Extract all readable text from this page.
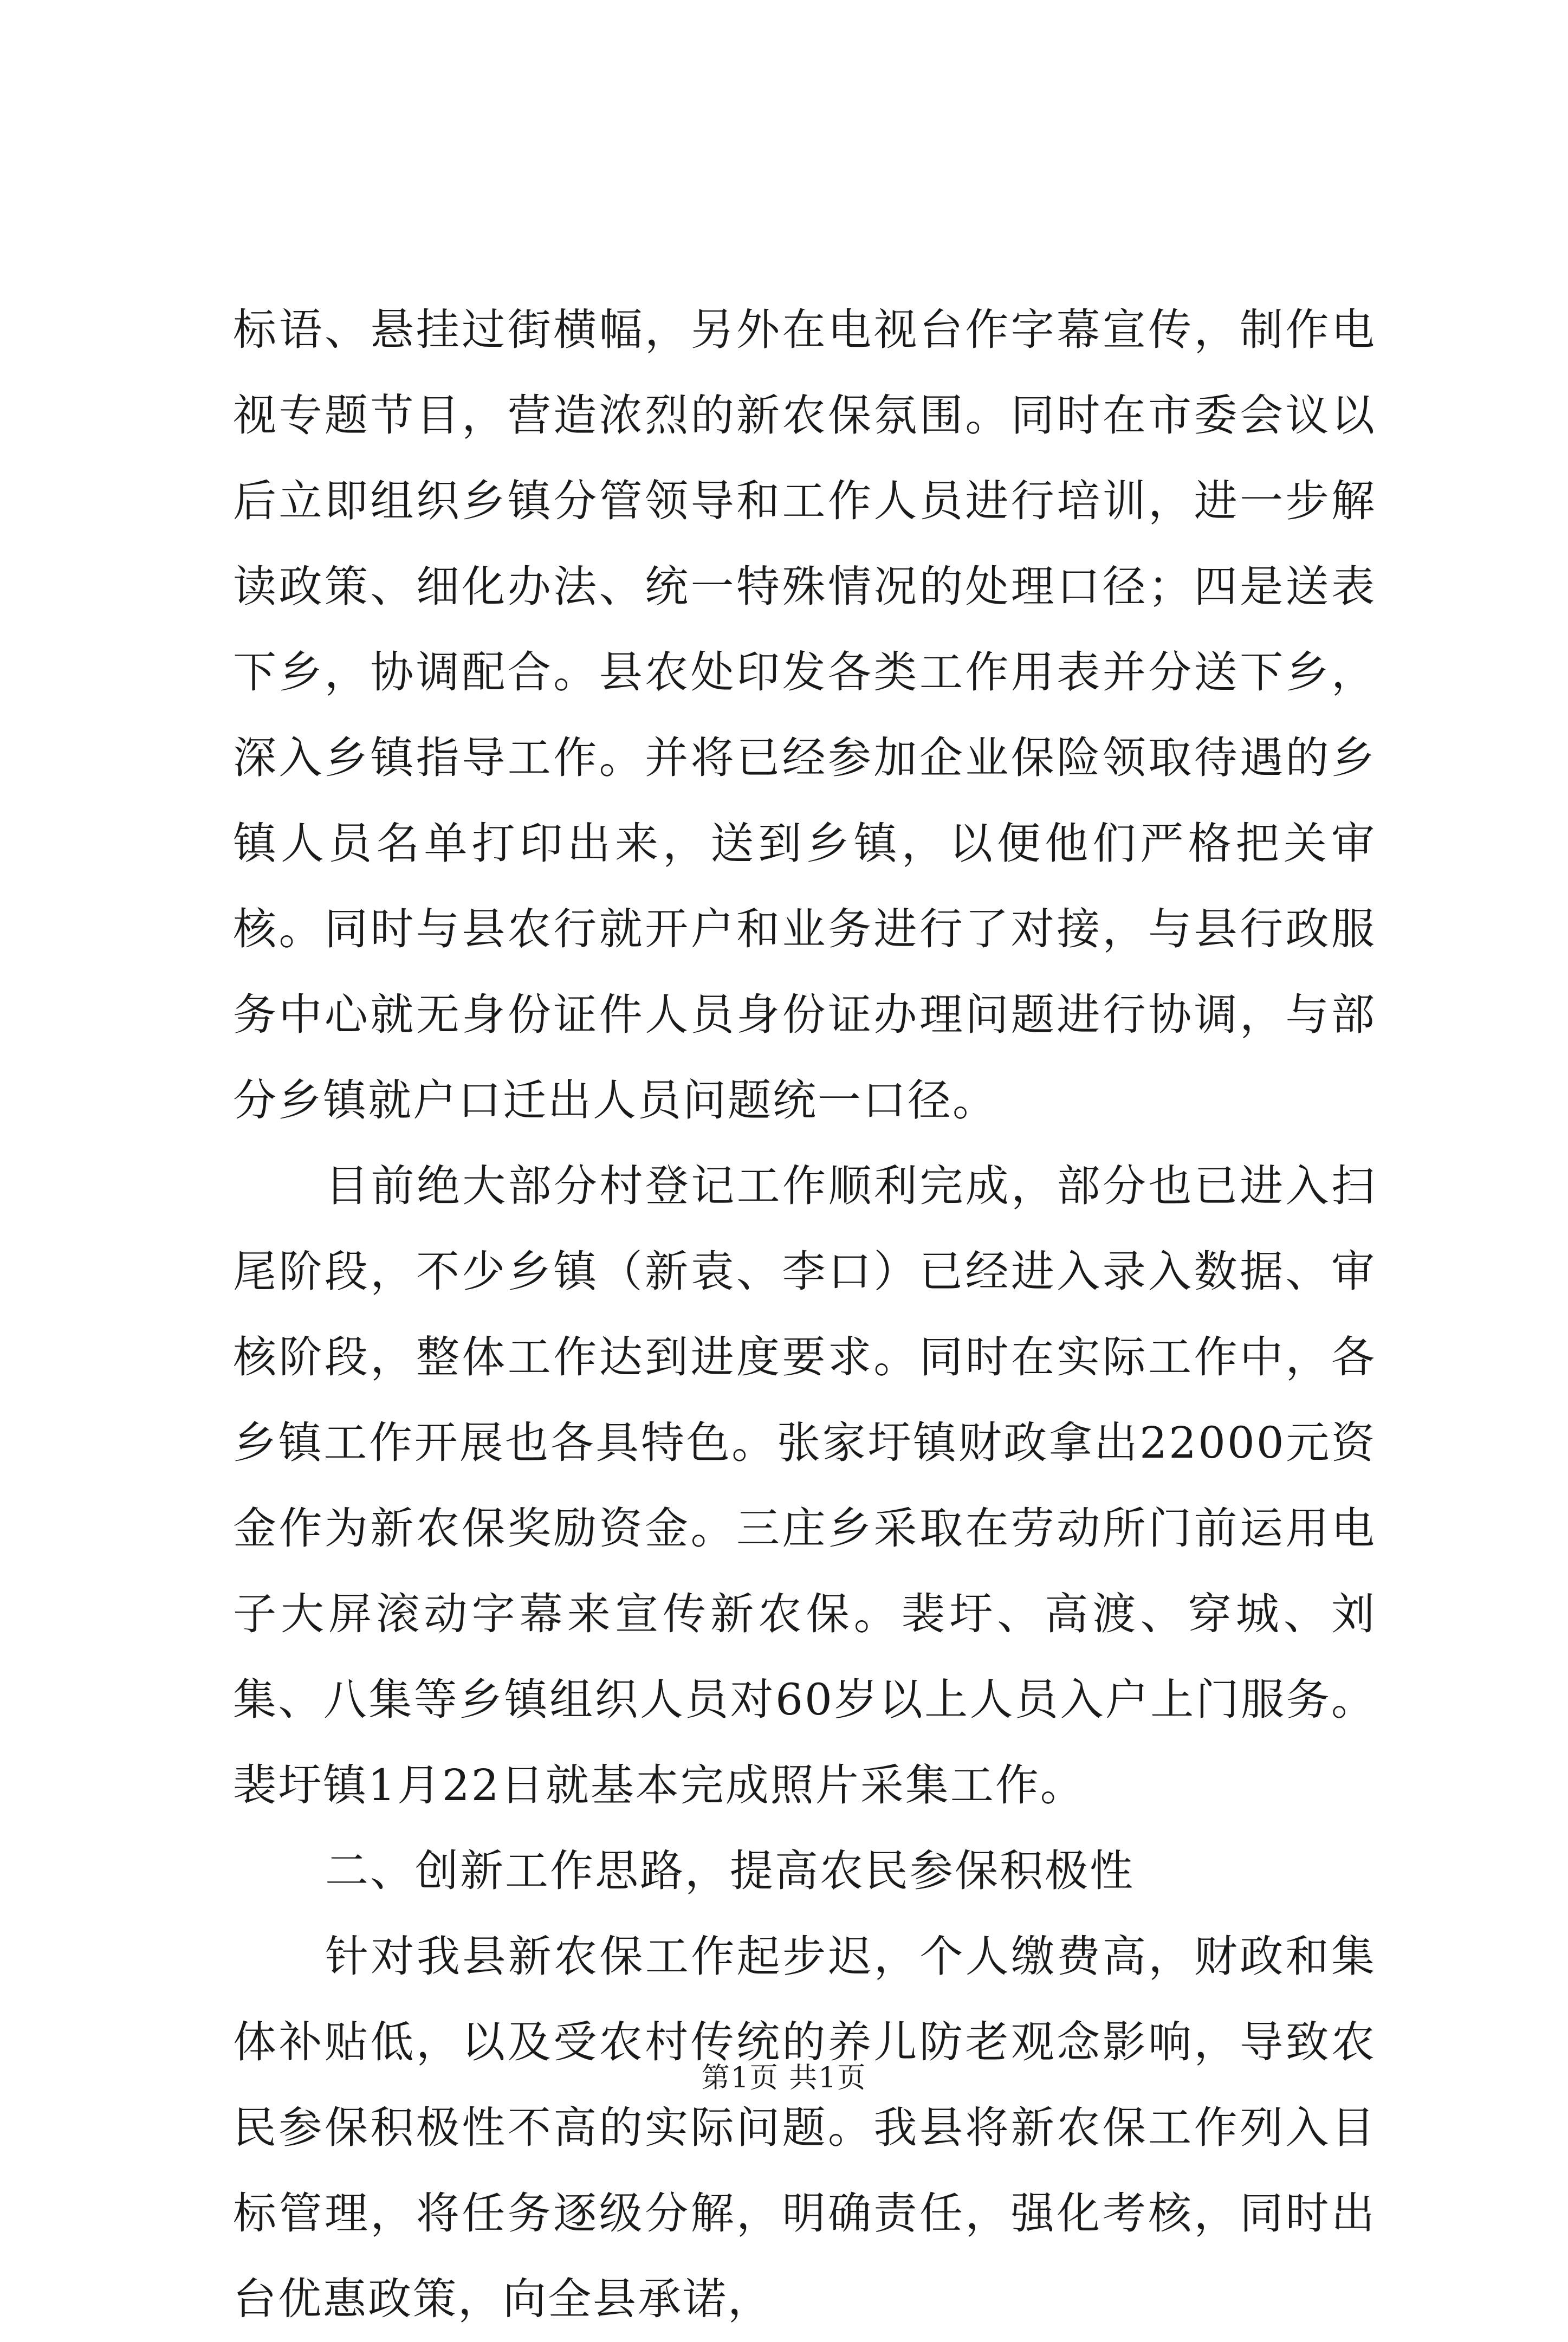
标语、悬挂过街横幅，另外在电视台作字幕宣传，制作电视专题节目，营造浓烈的新农保氛围。同时在市委会议以后立即组织乡镇分管领导和工作人员进行培训，进一步解读政策、细化办法、统一特殊情况的处理口径；四是送表下乡，协调配合。县农处印发各类工作用表并分送下乡，深入乡镇指导工作。并将已经参加企业保险领取待遇的乡镇人员名单打印出来，送到乡镇，以便他们严格把关审核。同时与县农行就开户和业务进行了对接，与县行政服务中心就无身份证件人员身份证办理问题进行协调，与部分乡镇就户口迁出人员问题统一口径。

目前绝大部分村登记工作顺利完成，部分也已进入扫尾阶段，不少乡镇（新袁、李口）已经进入录入数据、审核阶段，整体工作达到进度要求。同时在实际工作中，各乡镇工作开展也各具特色。张家圩镇财政拿出22000元资金作为新农保奖励资金。三庄乡采取在劳动所门前运用电子大屏滚动字幕来宣传新农保。裴圩、高渡、穿城、刘集、八集等乡镇组织人员对60岁以上人员入户上门服务。裴圩镇1月22日就基本完成照片采集工作。

二、创新工作思路，提高农民参保积极性

针对我县新农保工作起步迟，个人缴费高，财政和集体补贴低，以及受农村传统的养儿防老观念影响，导致农民参保积极性不高的实际问题。我县将新农保工作列入目标管理，将任务逐级分解，明确责任，强化考核，同时出台优惠政策，向全县承诺，

第1页 共1页
